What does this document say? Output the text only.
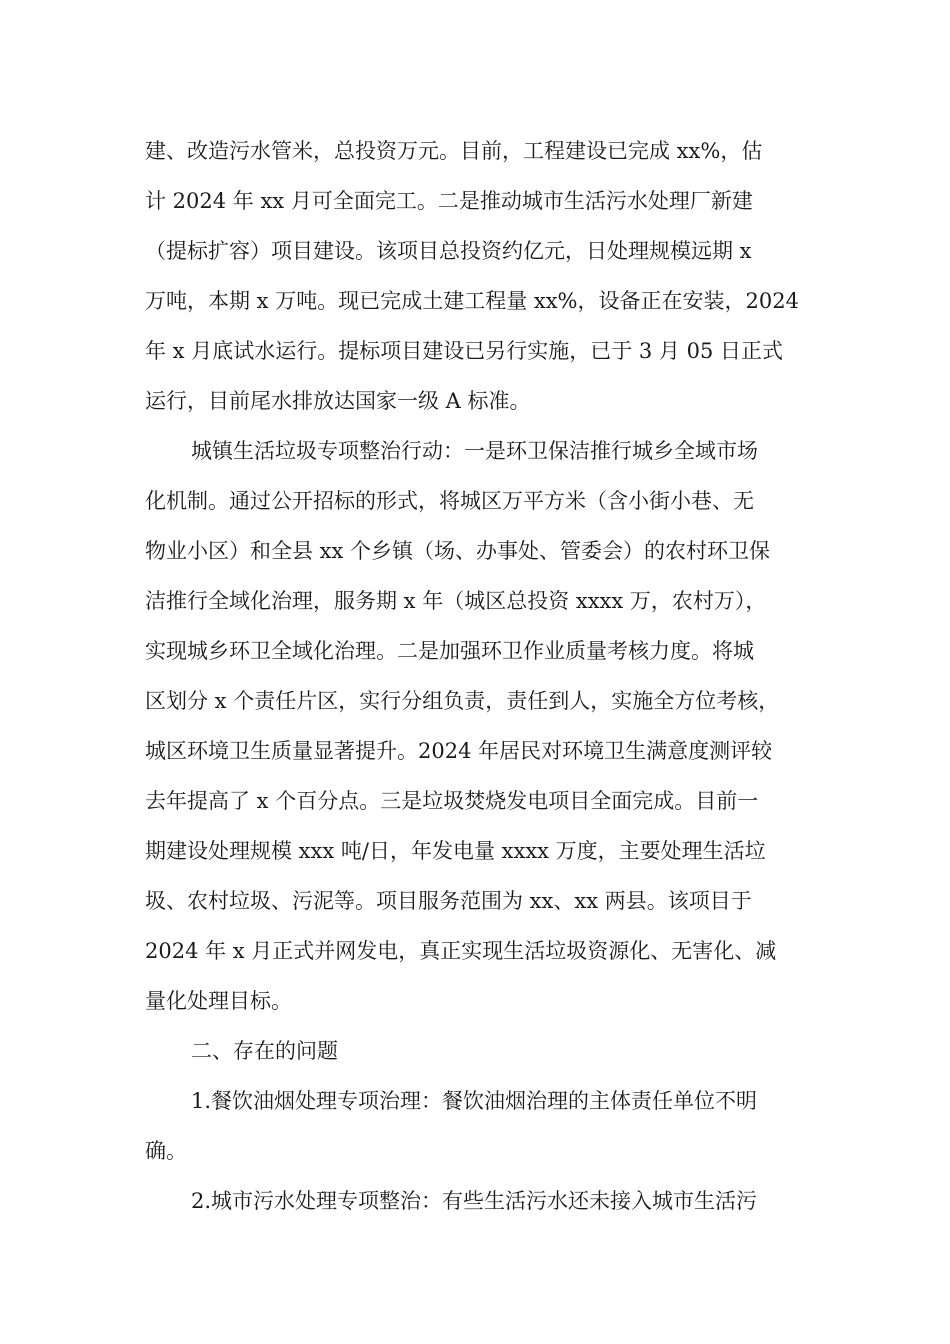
建、改造污水管米，总投资万元。目前，工程建设已完成 xx%，估

计 2024 年 xx 月可全面完工。二是推动城市生活污水处理厂新建

（提标扩容）项目建设。该项目总投资约亿元，日处理规模远期 x

万吨，本期 x 万吨。现已完成土建工程量 xx%，设备正在安装，2024

年 x 月底试水运行。提标项目建设已另行实施，已于 3 月 05 日正式

运行，目前尾水排放达国家一级 A 标准。

城镇生活垃圾专项整治行动：一是环卫保洁推行城乡全域市场

化机制。通过公开招标的形式，将城区万平方米（含小街小巷、无

物业小区）和全县 xx 个乡镇（场、办事处、管委会）的农村环卫保

洁推行全域化治理，服务期 x 年（城区总投资 xxxx 万，农村万），

实现城乡环卫全域化治理。二是加强环卫作业质量考核力度。将城

区划分 x 个责任片区，实行分组负责，责任到人，实施全方位考核，

城区环境卫生质量显著提升。2024 年居民对环境卫生满意度测评较

去年提高了 x 个百分点。三是垃圾焚烧发电项目全面完成。目前一

期建设处理规模 xxx 吨/日，年发电量 xxxx 万度，主要处理生活垃

圾、农村垃圾、污泥等。项目服务范围为 xx、xx 两县。该项目于

2024 年 x 月正式并网发电，真正实现生活垃圾资源化、无害化、减

量化处理目标。

二、存在的问题

1.餐饮油烟处理专项治理：餐饮油烟治理的主体责任单位不明

确。

2.城市污水处理专项整治：有些生活污水还未接入城市生活污
